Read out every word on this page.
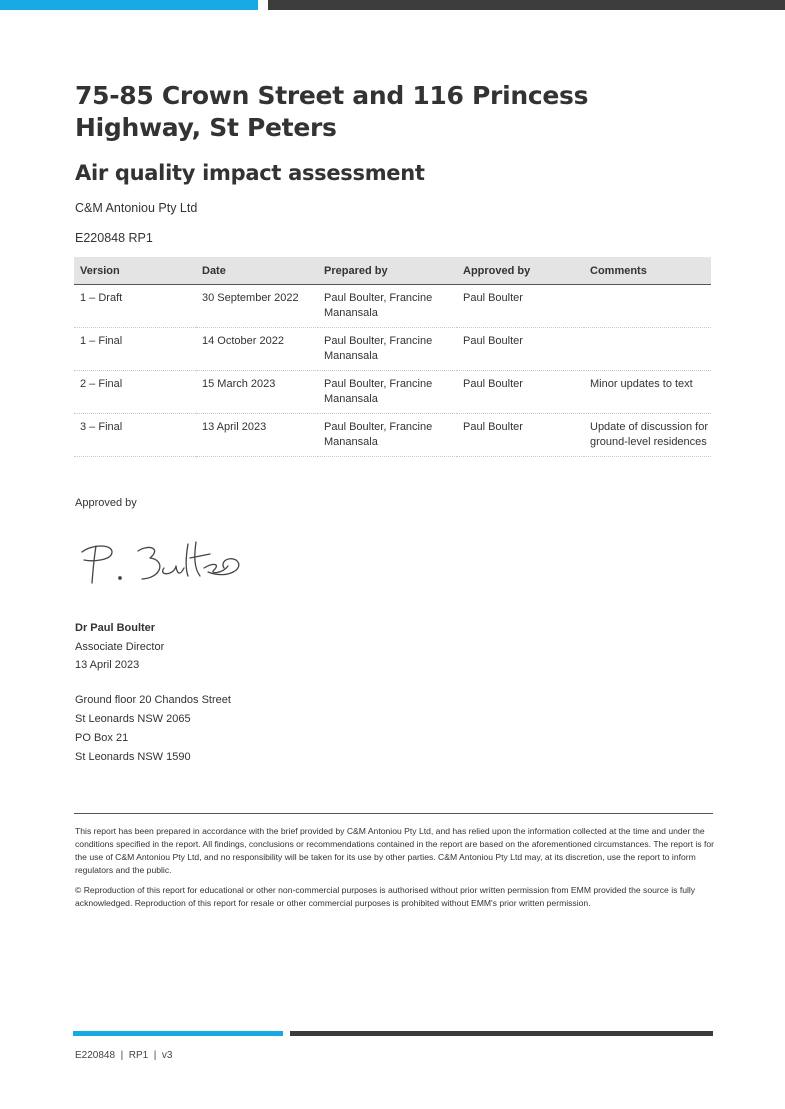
75-85 Crown Street and 116 Princess Highway, St Peters
Air quality impact assessment
C&M Antoniou Pty Ltd
E220848 RP1
Version	Date	Prepared by	Approved by	Comments
1 – Draft	30 September 2022	Paul Boulter, Francine Manansala	Paul Boulter	
1 – Final	14 October 2022	Paul Boulter, Francine Manansala	Paul Boulter	
2 – Final	15 March 2023	Paul Boulter, Francine Manansala	Paul Boulter	Minor updates to text
3 – Final	13 April 2023	Paul Boulter, Francine Manansala	Paul Boulter	Update of discussion for ground-level residences
Approved by
Dr Paul Boulter
Associate Director
13 April 2023
Ground floor 20 Chandos Street
St Leonards NSW 2065
PO Box 21
St Leonards NSW 1590

This report has been prepared in accordance with the brief provided by C&M Antoniou Pty Ltd, and has relied upon the information collected at the time and under the conditions specified in the report. All findings, conclusions or recommendations contained in the report are based on the aforementioned circumstances. The report is for the use of C&M Antoniou Pty Ltd, and no responsibility will be taken for its use by other parties. C&M Antoniou Pty Ltd may, at its discretion, use the report to inform regulators and the public.

© Reproduction of this report for educational or other non-commercial purposes is authorised without prior written permission from EMM provided the source is fully acknowledged. Reproduction of this report for resale or other commercial purposes is prohibited without EMM's prior written permission.

E220848  |  RP1  |  v3
